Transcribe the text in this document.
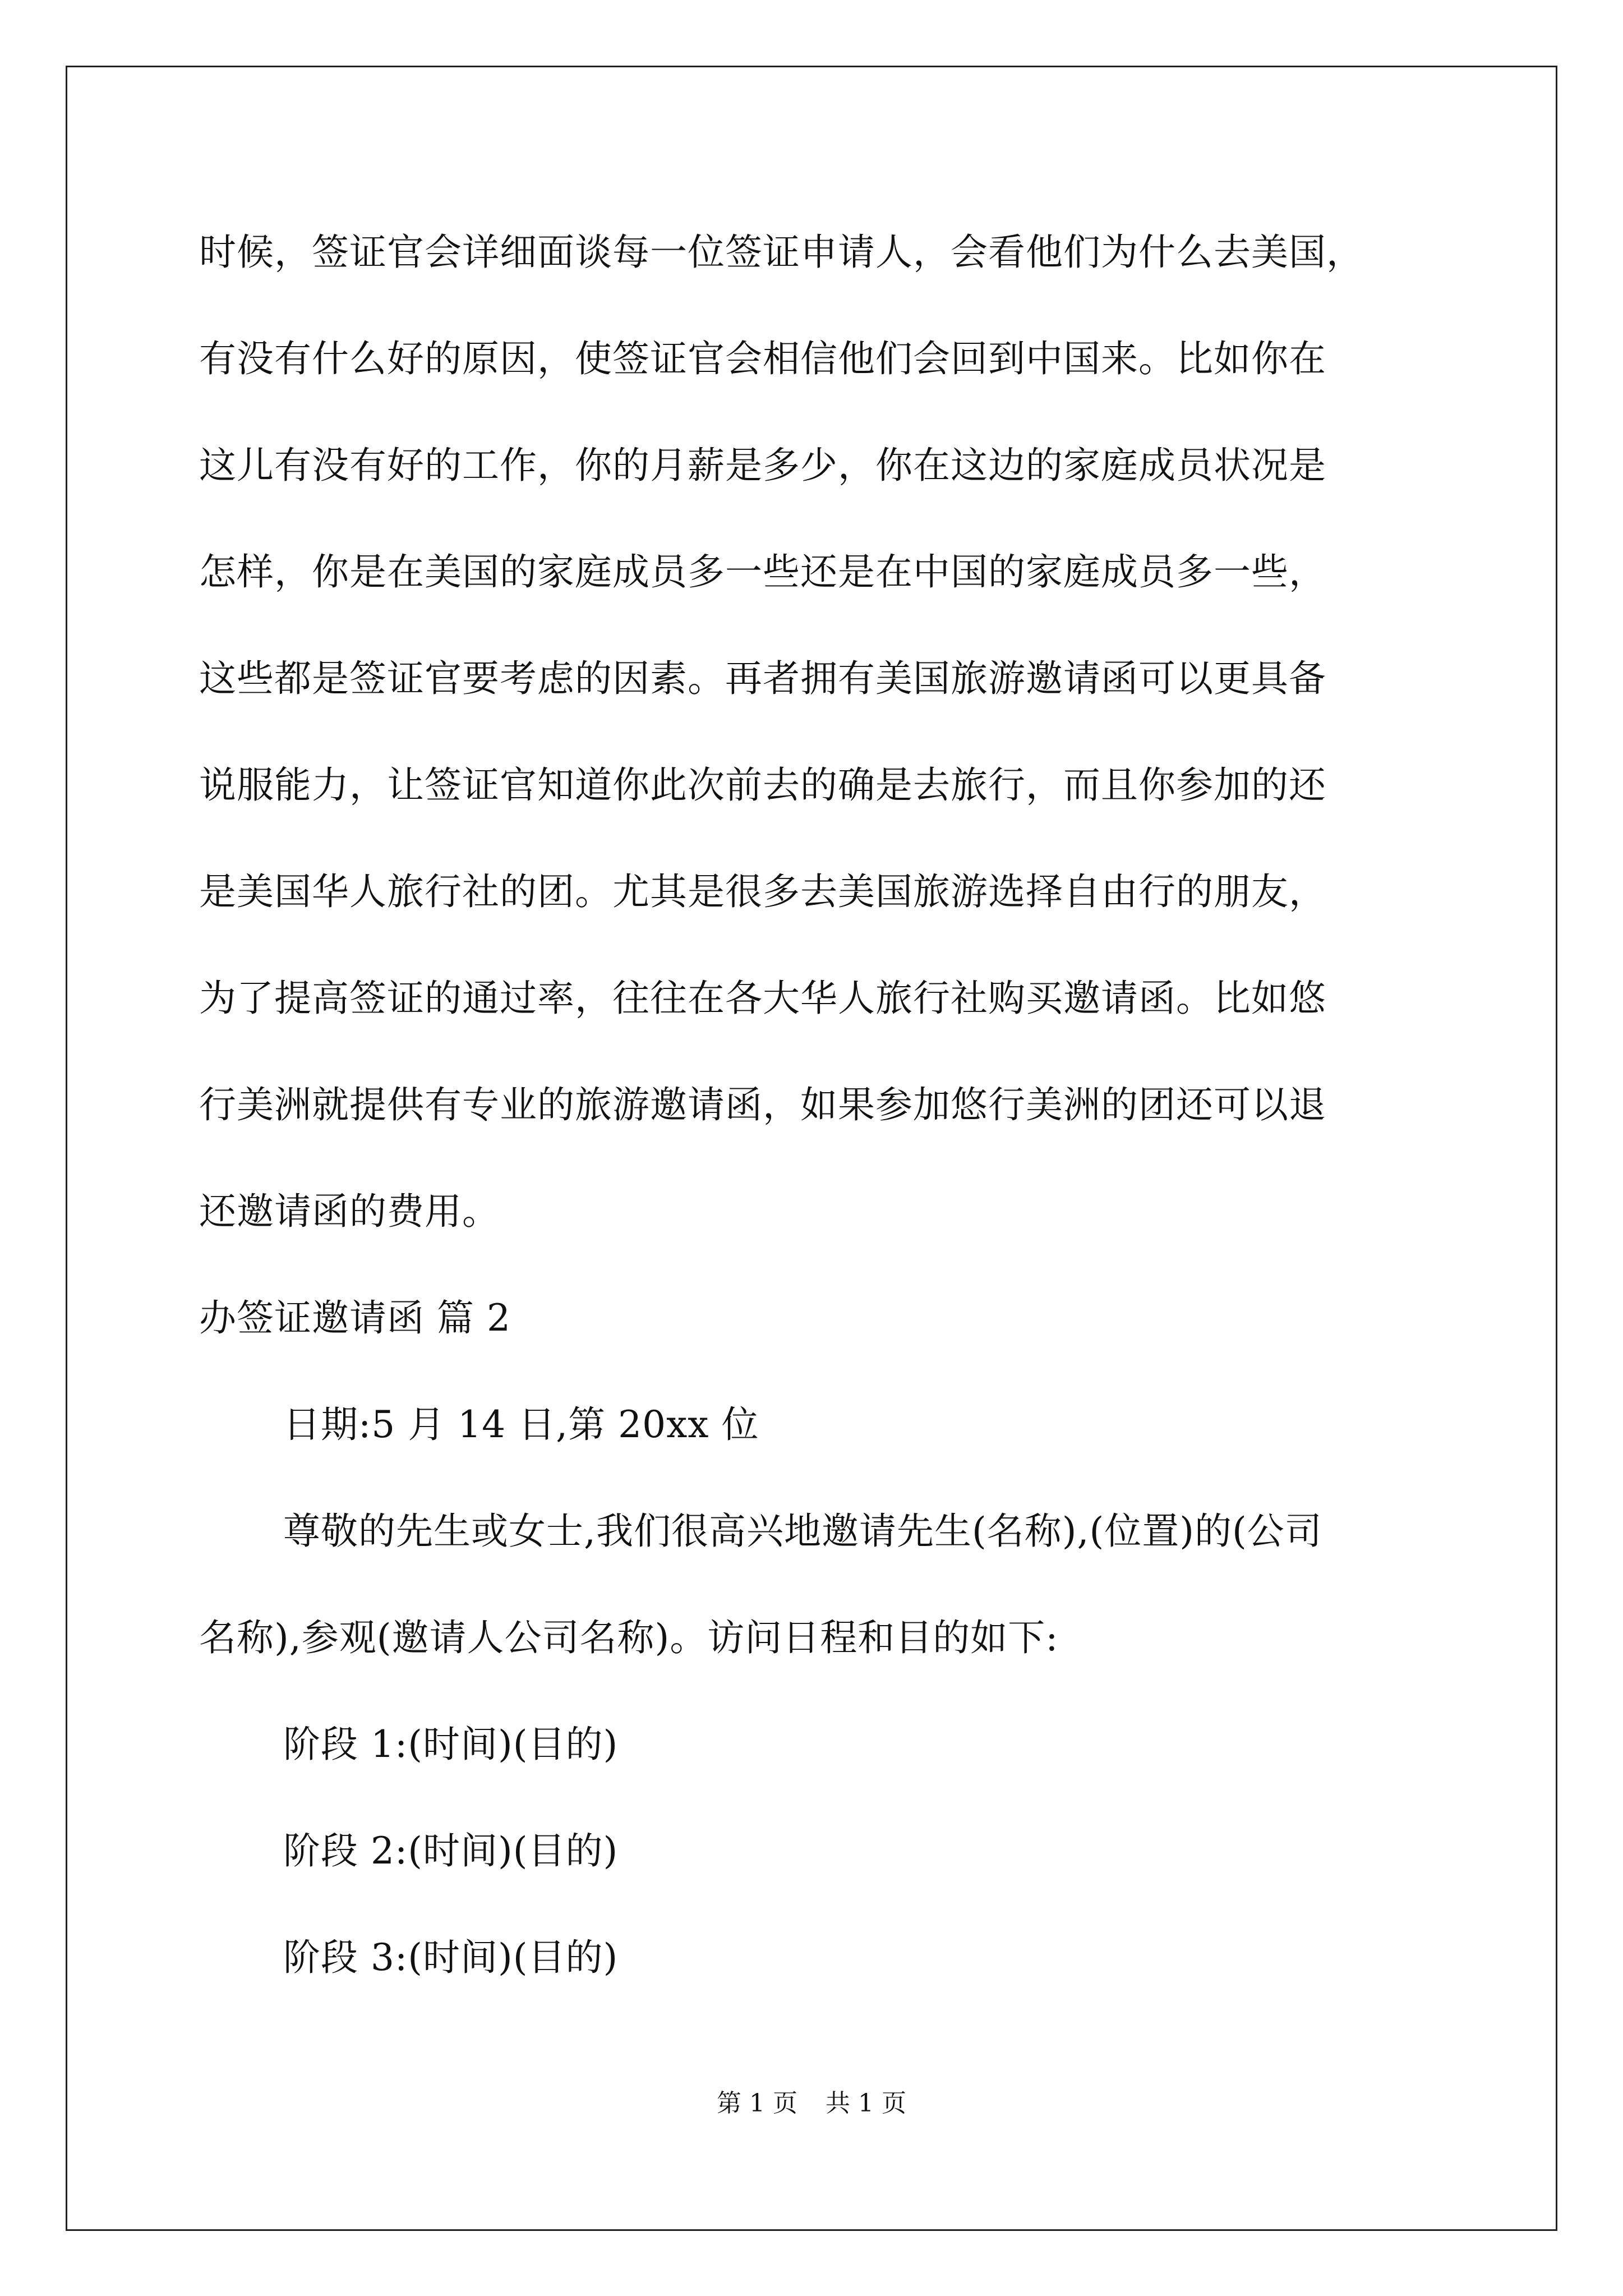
时候，签证官会详细面谈每一位签证申请人，会看他们为什么去美国，
有没有什么好的原因，使签证官会相信他们会回到中国来。比如你在
这儿有没有好的工作，你的月薪是多少，你在这边的家庭成员状况是
怎样，你是在美国的家庭成员多一些还是在中国的家庭成员多一些，
这些都是签证官要考虑的因素。再者拥有美国旅游邀请函可以更具备
说服能力，让签证官知道你此次前去的确是去旅行，而且你参加的还
是美国华人旅行社的团。尤其是很多去美国旅游选择自由行的朋友，
为了提高签证的通过率，往往在各大华人旅行社购买邀请函。比如悠
行美洲就提供有专业的旅游邀请函，如果参加悠行美洲的团还可以退
还邀请函的费用。
办签证邀请函 篇 2
日期:5 月 14 日,第 20xx 位
尊敬的先生或女士,我们很高兴地邀请先生(名称),(位置)的(公司
名称),参观(邀请人公司名称)。访问日程和目的如下:
阶段 1:(时间)(目的)
阶段 2:(时间)(目的)
阶段 3:(时间)(目的)
第 1 页 共 1 页
